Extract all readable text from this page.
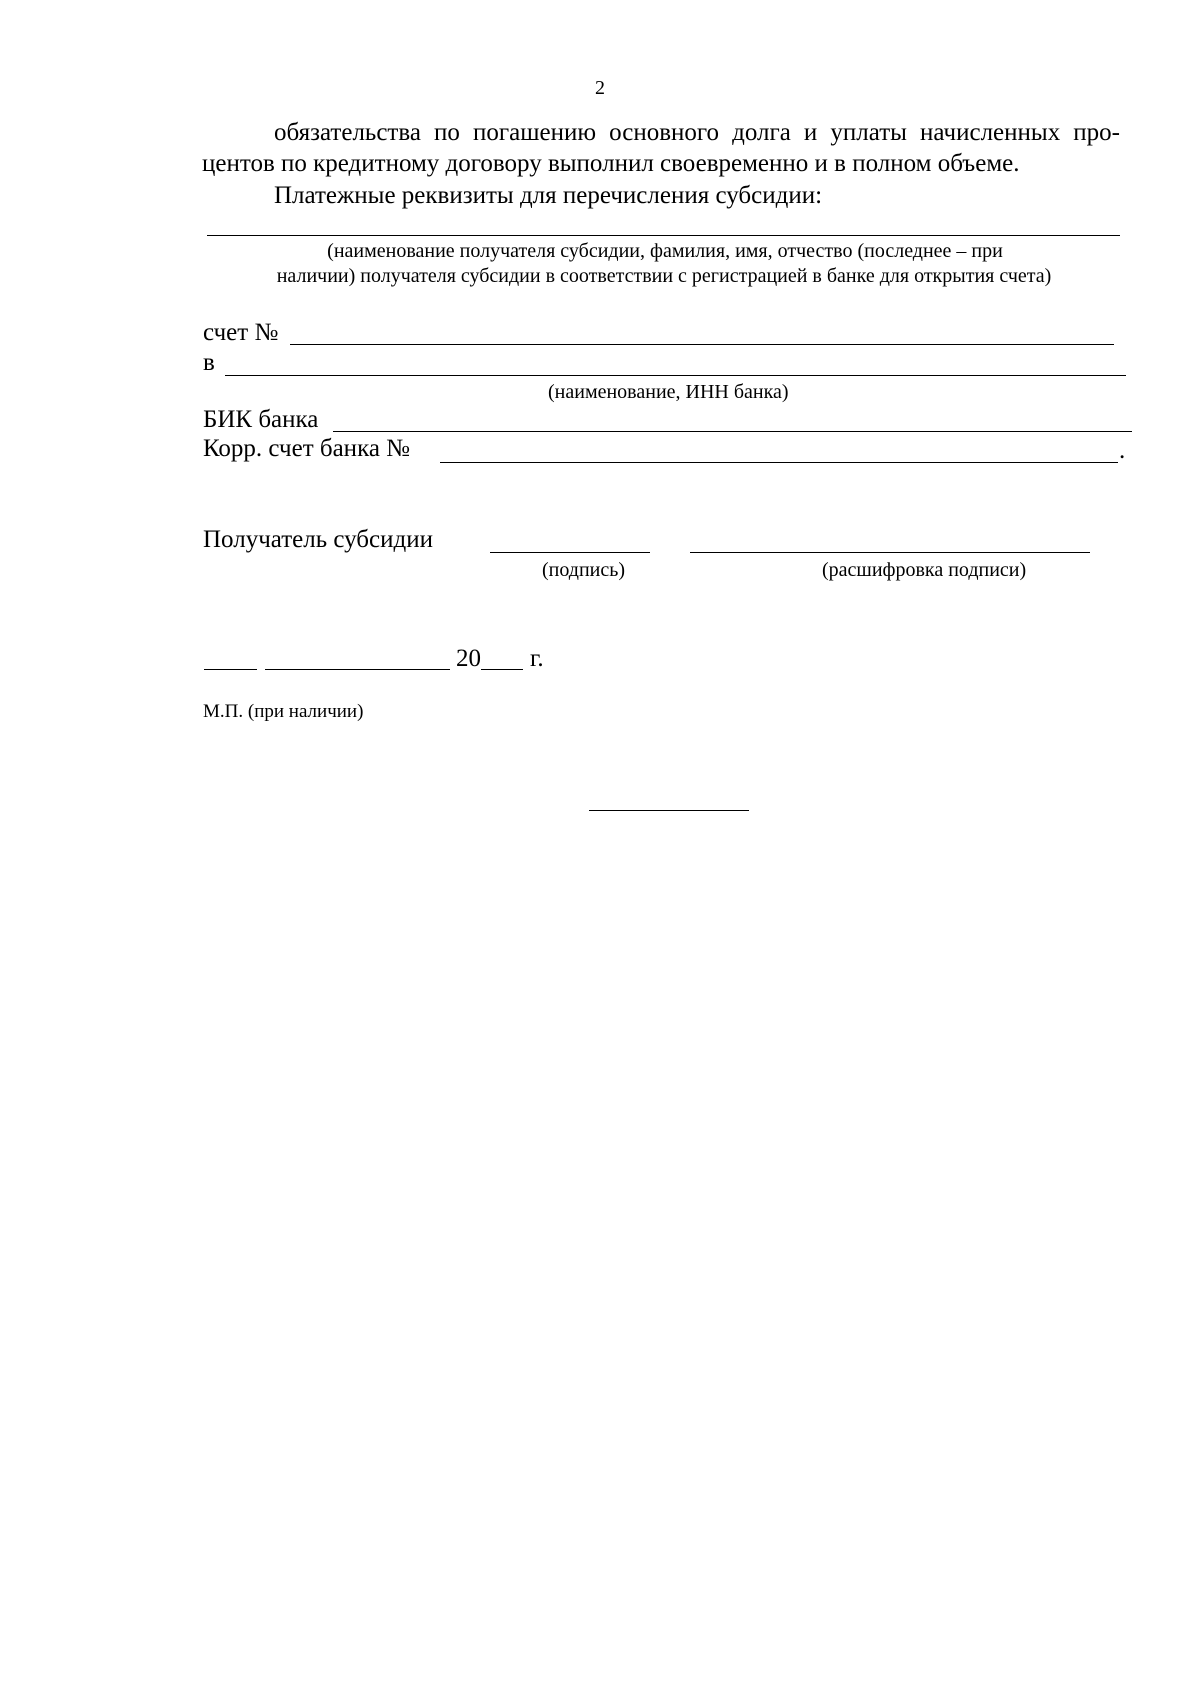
2
обязательства по погашению основного долга и уплаты начисленных про-
центов по кредитному договору выполнил своевременно и в полном объеме.
Платежные реквизиты для перечисления субсидии:
(наименование получателя субсидии, фамилия, имя, отчество (последнее – при
наличии) получателя субсидии в соответствии с регистрацией в банке для открытия счета)
счет №
в
(наименование, ИНН банка)
БИК банка
Корр. счет банка №	.
Получатель субсидии
(подпись)	(расшифровка подписи)
20 г.
М.П. (при наличии)
